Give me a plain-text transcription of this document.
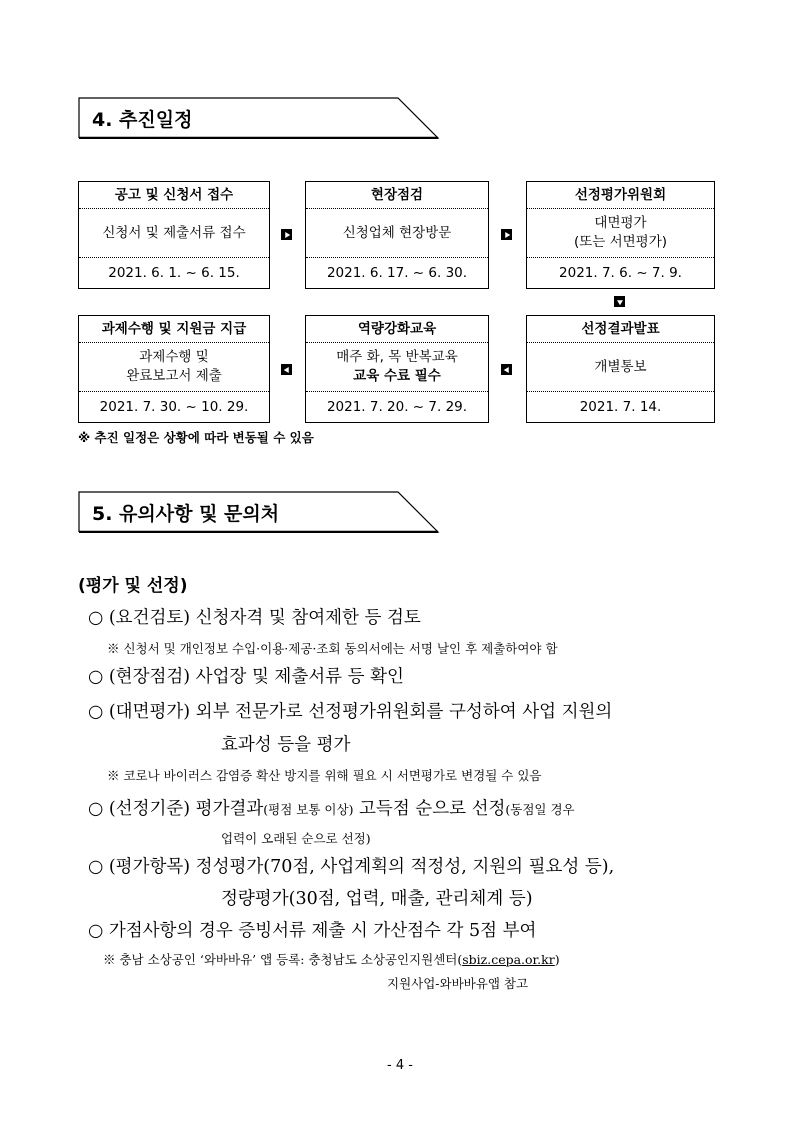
4. 추진일정
공고 및 신청서 접수
신청서 및 제출서류 접수
2021. 6. 1. ~ 6. 15.
현장점검
신청업체 현장방문
2021. 6. 17. ~ 6. 30.
선정평가위원회
대면평가
(또는 서면평가)
2021. 7. 6. ~ 7. 9.
과제수행 및 지원금 지급
과제수행 및
완료보고서 제출
2021. 7. 30. ~ 10. 29.
역량강화교육
매주 화, 목 반복교육
교육 수료 필수
2021. 7. 20. ~ 7. 29.
선정결과발표
개별통보
2021. 7. 14.
※ 추진 일정은 상황에 따라 변동될 수 있음
5. 유의사항 및 문의처
(평가 및 선정)
○ (요건검토) 신청자격 및 참여제한 등 검토
※ 신청서 및 개인정보 수입·이용·제공·조회 동의서에는 서명 날인 후 제출하여야 함
○ (현장점검) 사업장 및 제출서류 등 확인
○ (대면평가) 외부 전문가로 선정평가위원회를 구성하여 사업 지원의
효과성 등을 평가
※ 코로나 바이러스 감염증 확산 방지를 위해 필요 시 서면평가로 변경될 수 있음
○ (선정기준) 평가결과(평점 보통 이상) 고득점 순으로 선정(동점일 경우
업력이 오래된 순으로 선정)
○ (평가항목) 정성평가(70점, 사업계획의 적정성, 지원의 필요성 등),
정량평가(30점, 업력, 매출, 관리체계 등)
○ 가점사항의 경우 증빙서류 제출 시 가산점수 각 5점 부여
※ 충남 소상공인 ‘와바바유’ 앱 등록: 충청남도 소상공인지원센터(sbiz.cepa.or.kr)
지원사업-와바바유앱 참고
- 4 -
